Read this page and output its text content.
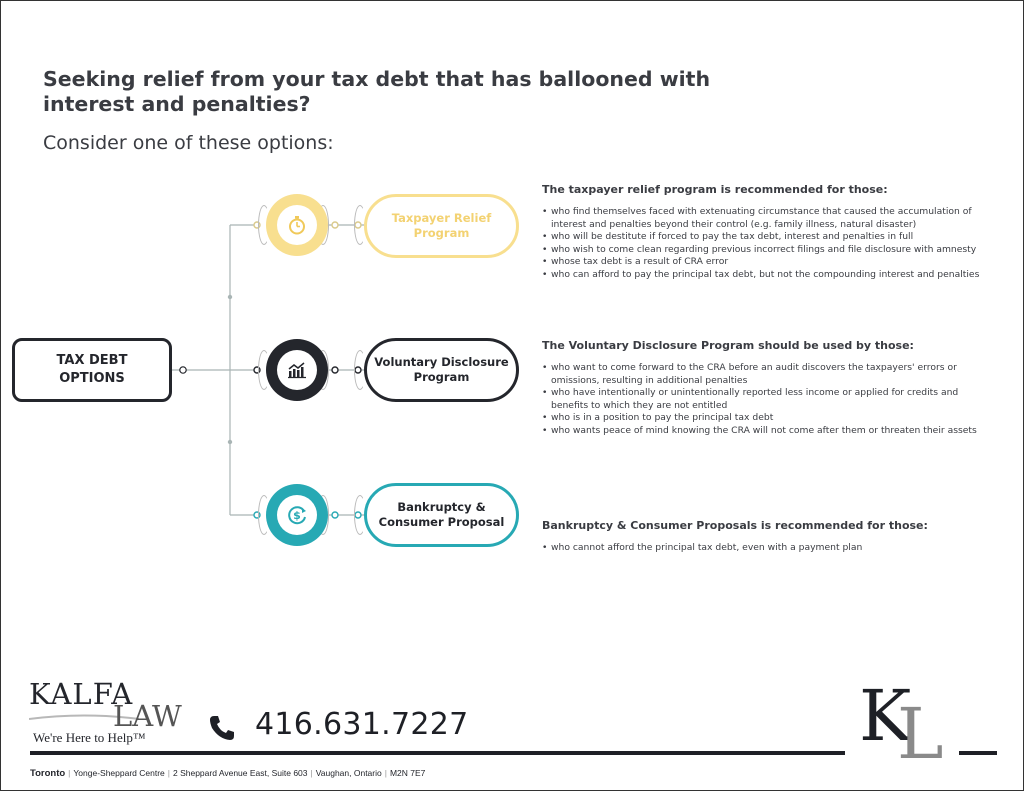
Seeking relief from your tax debt that has ballooned with interest and penalties?

Consider one of these options:

TAX DEBT
OPTIONS
Taxpayer Relief
Program
Voluntary Disclosure
Program
$
Bankruptcy &
Consumer Proposal
The taxpayer relief program is recommended for those:
• who find themselves faced with extenuating circumstance that caused the accumulation of interest and penalties beyond their control (e.g. family illness, natural disaster)
• who will be destitute if forced to pay the tax debt, interest and penalties in full
• who wish to come clean regarding previous incorrect filings and file disclosure with amnesty
• whose tax debt is a result of CRA error
• who can afford to pay the principal tax debt, but not the compounding interest and penalties
The Voluntary Disclosure Program should be used by those:
• who want to come forward to the CRA before an audit discovers the taxpayers' errors or omissions, resulting in additional penalties
• who have intentionally or unintentionally reported less income or applied for credits and benefits to which they are not entitled
• who is in a position to pay the principal tax debt
• who wants peace of mind knowing the CRA will not come after them or threaten their assets
Bankruptcy & Consumer Proposals is recommended for those:
• who cannot afford the principal tax debt, even with a payment plan
KALFA
LAW
We're Here to Help™	416.631.7227	K
L
Toronto | Yonge-Sheppard Centre | 2 Sheppard Avenue East, Suite 603 | Vaughan, Ontario | M2N 7E7
